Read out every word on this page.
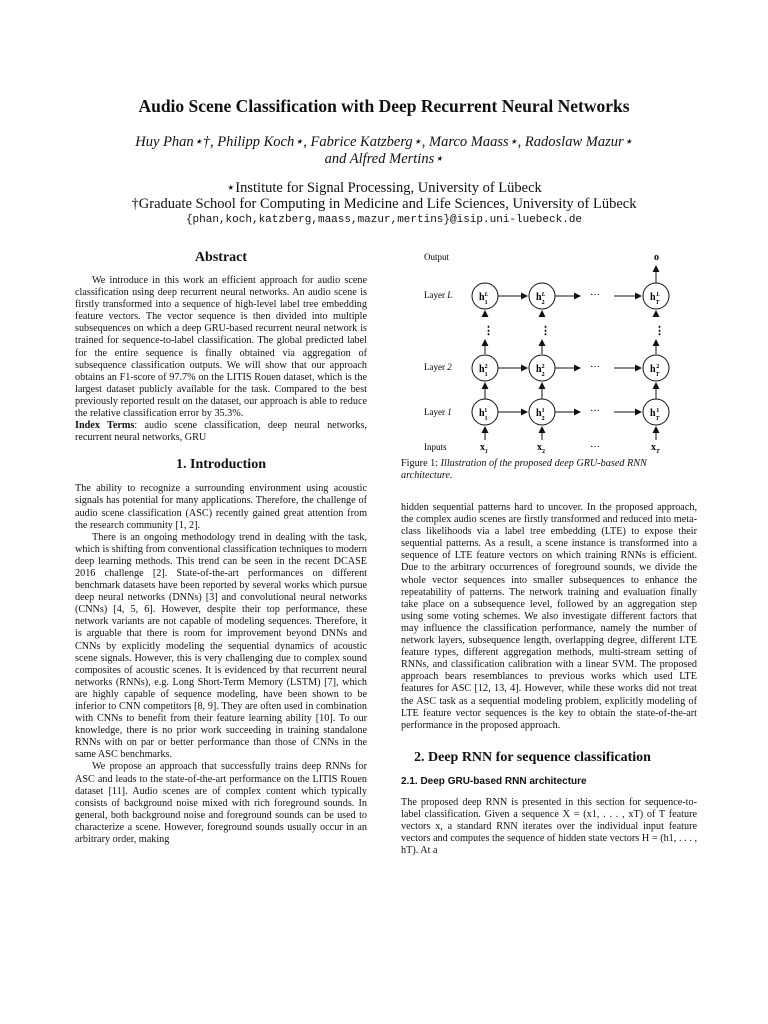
Audio Scene Classification with Deep Recurrent Neural Networks
Huy Phan⋆†, Philipp Koch⋆, Fabrice Katzberg⋆, Marco Maass⋆, Radoslaw Mazur⋆
and Alfred Mertins⋆
⋆Institute for Signal Processing, University of Lübeck
†Graduate School for Computing in Medicine and Life Sciences, University of Lübeck
{phan,koch,katzberg,maass,mazur,mertins}@isip.uni-luebeck.de
Abstract

We introduce in this work an efficient approach for audio scene classification using deep recurrent neural networks. An audio scene is firstly transformed into a sequence of high-level label tree embedding feature vectors. The vector sequence is then divided into multiple subsequences on which a deep GRU-based recurrent neural network is trained for sequence-to-label classification. The global predicted label for the entire sequence is finally obtained via aggregation of subsequence classification outputs. We will show that our approach obtains an F1-score of 97.7% on the LITIS Rouen dataset, which is the largest dataset publicly available for the task. Compared to the best previously reported result on the dataset, our approach is able to reduce the relative classification error by 35.3%.

Index Terms: audio scene classification, deep neural networks, recurrent neural networks, GRU

1. Introduction

The ability to recognize a surrounding environment using acoustic signals has potential for many applications. Therefore, the challenge of audio scene classification (ASC) recently gained great attention from the research community [1, 2].

There is an ongoing methodology trend in dealing with the task, which is shifting from conventional classification techniques to modern deep learning methods. This trend can be seen in the recent DCASE 2016 challenge [2]. State-of-the-art performances on different benchmark datasets have been reported by several works which pursue deep neural networks (DNNs) [3] and convolutional neural networks (CNNs) [4, 5, 6]. However, despite their top performance, these network variants are not capable of modeling sequences. Therefore, it is arguable that there is room for improvement beyond DNNs and CNNs by explicitly modeling the sequential dynamics of acoustic scene signals. However, this is very challenging due to complex sound composites of acoustic scenes. It is evidenced by that recurrent neural networks (RNNs), e.g. Long Short-Term Memory (LSTM) [7], which are highly capable of sequence modeling, have been shown to be inferior to CNN competitors [8, 9]. They are often used in combination with CNNs to benefit from their feature learning ability [10]. To our knowledge, there is no prior work succeeding in training standalone RNNs with on par or better performance than those of CNNs in the same ASC benchmarks.

We propose an approach that successfully trains deep RNNs for ASC and leads to the state-of-the-art performance on the LITIS Rouen dataset [11]. Audio scenes are of complex content which typically consists of background noise mixed with rich foreground sounds. In general, both background noise and foreground sounds can be used to characterize a scene. However, foreground sounds usually occur in an arbitrary order, making

Output
Layer L
Layer 2
Layer 1
Inputs
o
$h_1L$	$h_2L$	$h_TL$
···
⋮	⋮	⋮
$h_12$	$h_22$	$h_T2$
···
$h_11$	$h_21$	$h_T1$
···
$x_1$	$x_2$	···	$x_T$
Figure 1: Illustration of the proposed deep GRU-based RNN architecture.

hidden sequential patterns hard to uncover. In the proposed approach, the complex audio scenes are firstly transformed and reduced into meta-class likelihoods via a label tree embedding (LTE) to expose their sequential patterns. As a result, a scene instance is transformed into a sequence of LTE feature vectors on which training RNNs is efficient. Due to the arbitrary occurrences of foreground sounds, we divide the whole vector sequences into smaller subsequences to enhance the repeatability of patterns. The network training and evaluation finally take place on a subsequence level, followed by an aggregation step using some voting schemes. We also investigate different factors that may influence the classification performance, namely the number of network layers, subsequence length, overlapping degree, different LTE feature types, different aggregation methods, multi-stream setting of RNNs, and classification calibration with a linear SVM. The proposed approach bears resemblances to previous works which used LTE features for ASC [12, 13, 4]. However, while these works did not treat the ASC task as a sequential modeling problem, explicitly modeling of LTE feature vector sequences is the key to obtain the state-of-the-art performance in the proposed approach.

2. Deep RNN for sequence classification
2.1. Deep GRU-based RNN architecture

The proposed deep RNN is presented in this section for sequence-to-label classification. Given a sequence X = (x1, . . . , xT) of T feature vectors x, a standard RNN iterates over the individual input feature vectors and computes the sequence of hidden state vectors H = (h1, . . . , hT). At a
